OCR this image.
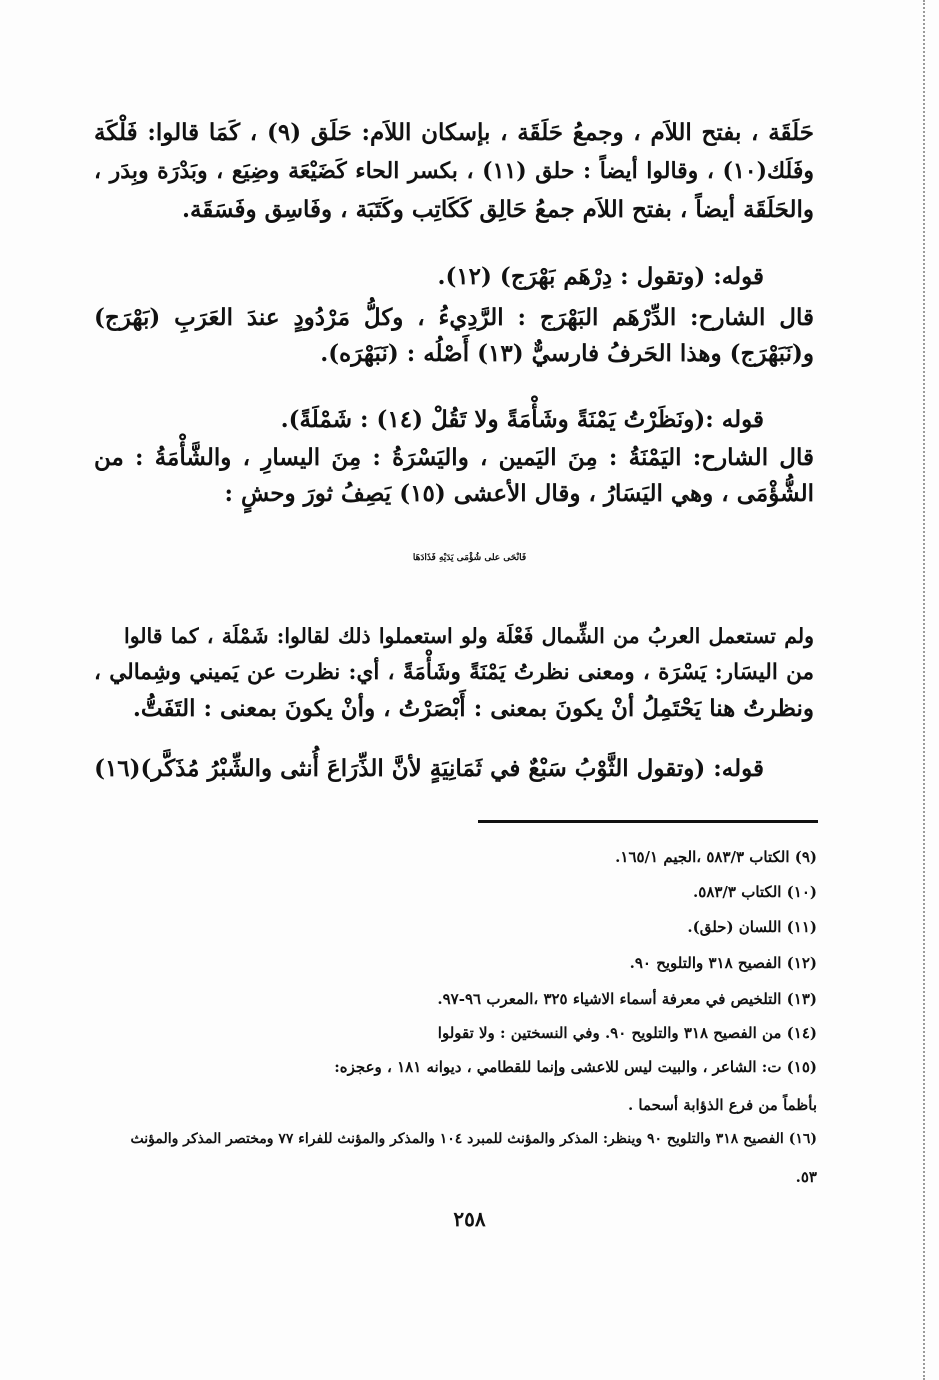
حَلَقَة ، بفتح اللاَم ، وجمعُ حَلَقَة ، بإسكان اللاَم: حَلَق (٩) ، كَمَا قالوا: فَلْكَة
وفَلَك(١٠) ، وقالوا أيضاً : حلق (١١) ، بكسر الحاء كَضَيْعَة وضِيَع ، وبَدْرَة وبِدَر ،
والحَلَقَة أيضاً ، بفتح اللاَم جمعُ حَالِق كَكَاتِب وكَتَبَة ، وفَاسِق وفَسَقَة.
قوله: (وتقول : دِرْهَم بَهْرَج) (١٢).
قال الشارح: الدِّرْهَم البَهْرَج : الرَّدِيءُ ، وكلُّ مَرْدُودٍ عندَ العَرَبِ (بَهْرَج)
و(نَبَهْرَج) وهذا الحَرفُ فارسيٌّ (١٣) أَصْلُه : (نَبَهْرَه).
قوله :(ونَظَرْتُ يَمْنَةً وشَأْمَةً ولا تَقُلْ (١٤) : شَمْلَةً).
قال الشارح: اليَمْنَةُ : مِنَ اليَمين ، واليَسْرَةُ : مِنَ اليسارِ ، والشَّأْمَةُ : من
الشُّؤْمَى ، وهي اليَسَارُ ، وقال الأعشى (١٥) يَصِفُ ثورَ وحشٍ :
فَانْحَى على شُؤْمَى يَدَيْهِ فَذَادَهَا
ولم تستعمل العربُ من الشِّمال فَعْلَة ولو استعملوا ذلك لقالوا: شَمْلَة ، كما قالوا
من اليسَار: يَسْرَة ، ومعنى نظرتُ يَمْنَةً وشَأْمَةً ، أي: نظرت عن يَميني وشِمالي ،
ونظرتُ هنا يَحْتَمِلُ أنْ يكونَ بمعنى : أَبْصَرْتُ ، وأنْ يكونَ بمعنى : التَفَتُّ.
قوله: (وتقول الثَّوْبُ سَبْعٌ في ثَمَانِيَةٍ لأنَّ الذِّرَاعَ أُنثى والشِّبْرُ مُذَكَّر)(١٦)
(٩) الكتاب ٥٨٣/٣ ،الجيم ١٦٥/١.
(١٠) الكتاب ٥٨٣/٣.
(١١) اللسان (حلق).
(١٢) الفصيح ٣١٨ والتلويح ٩٠.
(١٣) التلخيص في معرفة أسماء الاشياء ٣٢٥ ،المعرب ٩٦-٩٧.
(١٤) من الفصيح ٣١٨ والتلويح ٩٠. وفي النسختين : ولا تقولوا
(١٥) ت: الشاعر ، والبيت ليس للاعشى وإنما للقطامي ، ديوانه ١٨١ ، وعجزه:
بأظماً من فرع الذؤابة أسحما .
(١٦) الفصيح ٣١٨ والتلويح ٩٠ وينظر: المذكر والمؤنث للمبرد ١٠٤ والمذكر والمؤنث للفراء ٧٧ ومختصر المذكر والمؤنث
٥٣.
٢٥٨
